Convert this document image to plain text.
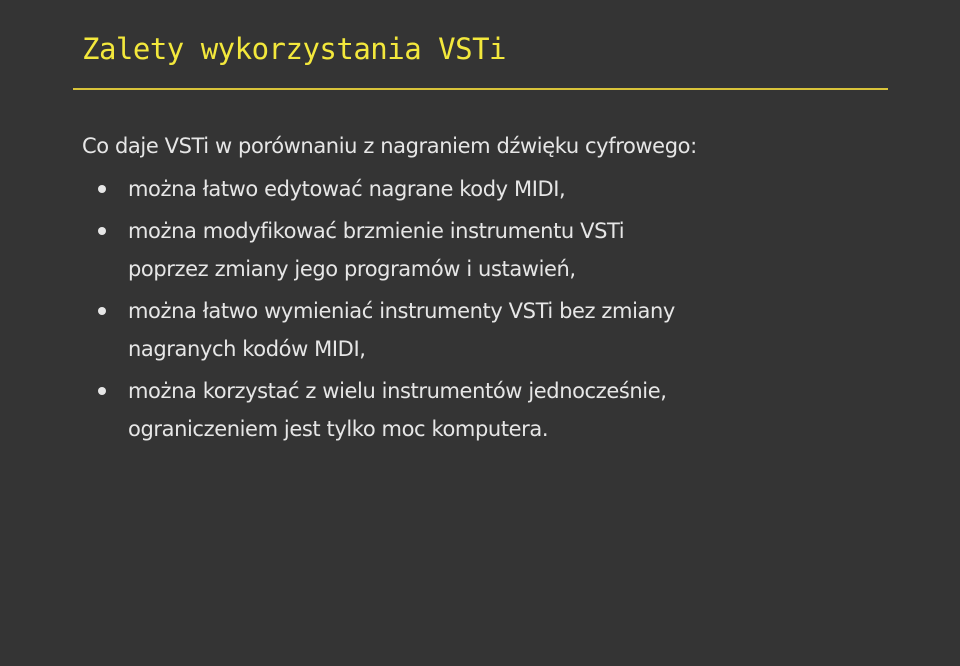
Zalety wykorzystania VSTi

Co daje VSTi w porównaniu z nagraniem dźwięku cyfrowego:

można łatwo edytować nagrane kody MIDI,
można modyfikować brzmienie instrumentu VSTi
poprzez zmiany jego programów i ustawień,
można łatwo wymieniać instrumenty VSTi bez zmiany
nagranych kodów MIDI,
można korzystać z wielu instrumentów jednocześnie,
ograniczeniem jest tylko moc komputera.
